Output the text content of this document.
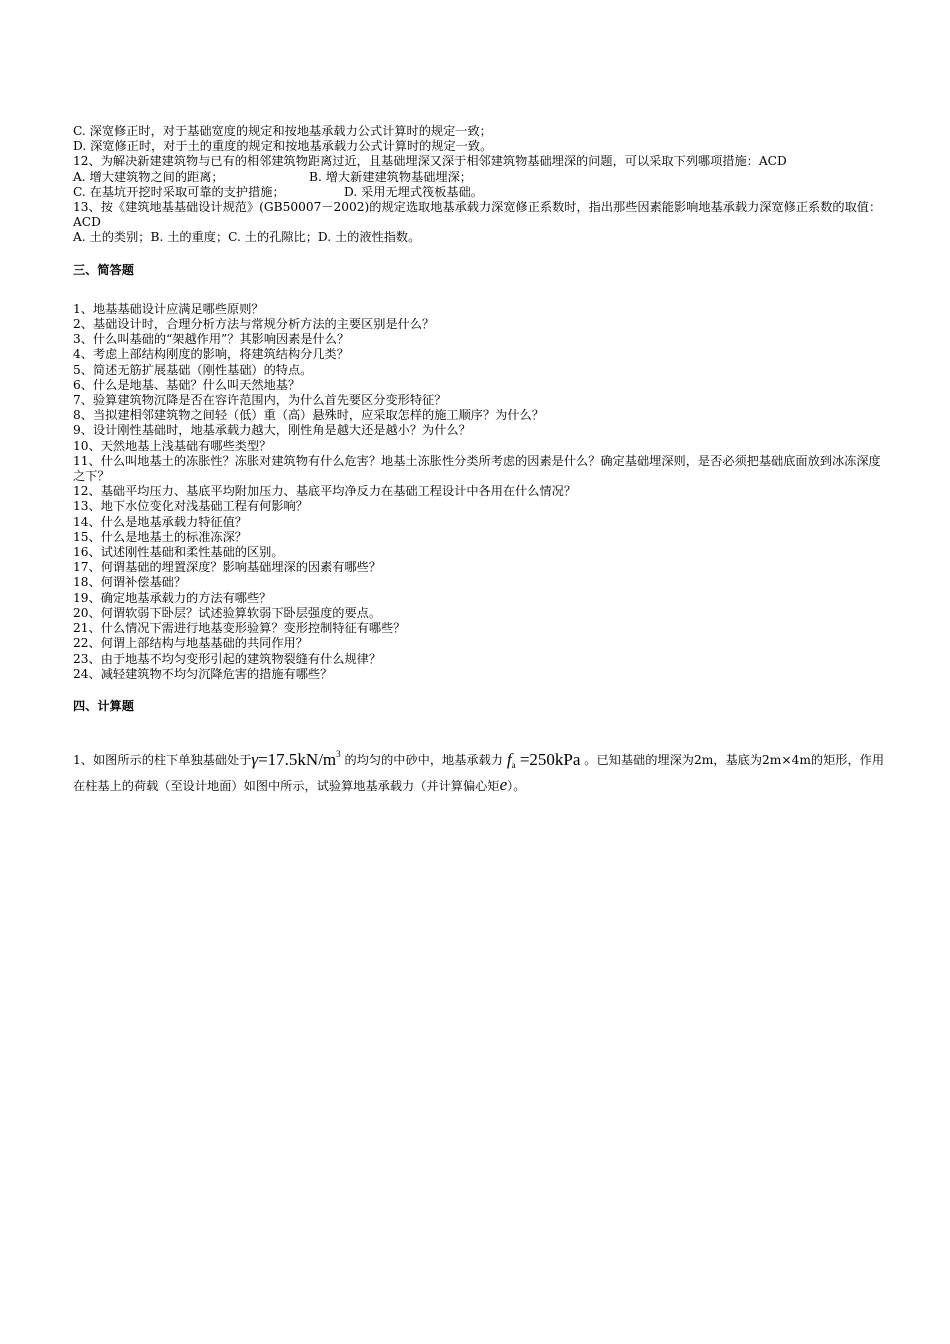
C. 深宽修正时，对于基础宽度的规定和按地基承载力公式计算时的规定一致；
D. 深宽修正时，对于土的重度的规定和按地基承载力公式计算时的规定一致。
12、为解决新建建筑物与已有的相邻建筑物距离过近，且基础埋深又深于相邻建筑物基础埋深的问题，可以采取下列哪项措施：ACD
A. 增大建筑物之间的距离；	B. 增大新建建筑物基础埋深；
C. 在基坑开挖时采取可靠的支护措施；	D. 采用无埋式筏板基础。
13、按《建筑地基基础设计规范》(GB50007－2002)的规定选取地基承载力深宽修正系数时，指出那些因素能影响地基承载力深宽修正系数的取值：ACD
A. 土的类别；B. 土的重度；C. 土的孔隙比；D. 土的液性指数。
三、简答题
1、地基基础设计应满足哪些原则？
2、基础设计时，合理分析方法与常规分析方法的主要区别是什么？
3、什么叫基础的“架越作用”？其影响因素是什么？
4、考虑上部结构刚度的影响，将建筑结构分几类？
5、简述无筋扩展基础（刚性基础）的特点。
6、什么是地基、基础？什么叫天然地基？
7、验算建筑物沉降是否在容许范围内，为什么首先要区分变形特征？
8、当拟建相邻建筑物之间轻（低）重（高）悬殊时，应采取怎样的施工顺序？为什么？
9、设计刚性基础时，地基承载力越大，刚性角是越大还是越小？为什么？
10、天然地基上浅基础有哪些类型？
11、什么叫地基土的冻胀性？冻胀对建筑物有什么危害？地基土冻胀性分类所考虑的因素是什么？确定基础埋深则，是否必须把基础底面放到冰冻深度之下？
12、基础平均压力、基底平均附加压力、基底平均净反力在基础工程设计中各用在什么情况？
13、地下水位变化对浅基础工程有何影响？
14、什么是地基承载力特征值？
15、什么是地基土的标准冻深？
16、试述刚性基础和柔性基础的区别。
17、何谓基础的埋置深度？影响基础埋深的因素有哪些？
18、何谓补偿基础？
19、确定地基承载力的方法有哪些？
20、何谓软弱下卧层？试述验算软弱下卧层强度的要点。
21、什么情况下需进行地基变形验算？变形控制特征有哪些？
22、何谓上部结构与地基基础的共同作用？
23、由于地基不均匀变形引起的建筑物裂缝有什么规律？
24、减轻建筑物不均匀沉降危害的措施有哪些？
四、计算题
1、如图所示的柱下单独基础处于$\gamma=17.5kN/m^3$ 的均匀的中砂中，地基承载力 $f_a =250kPa$ 。已知基础的埋深为2m，基底为2m×4m的矩形，作用在柱基上的荷载（至设计地面）如图中所示，试验算地基承载力（并计算偏心矩e）。
